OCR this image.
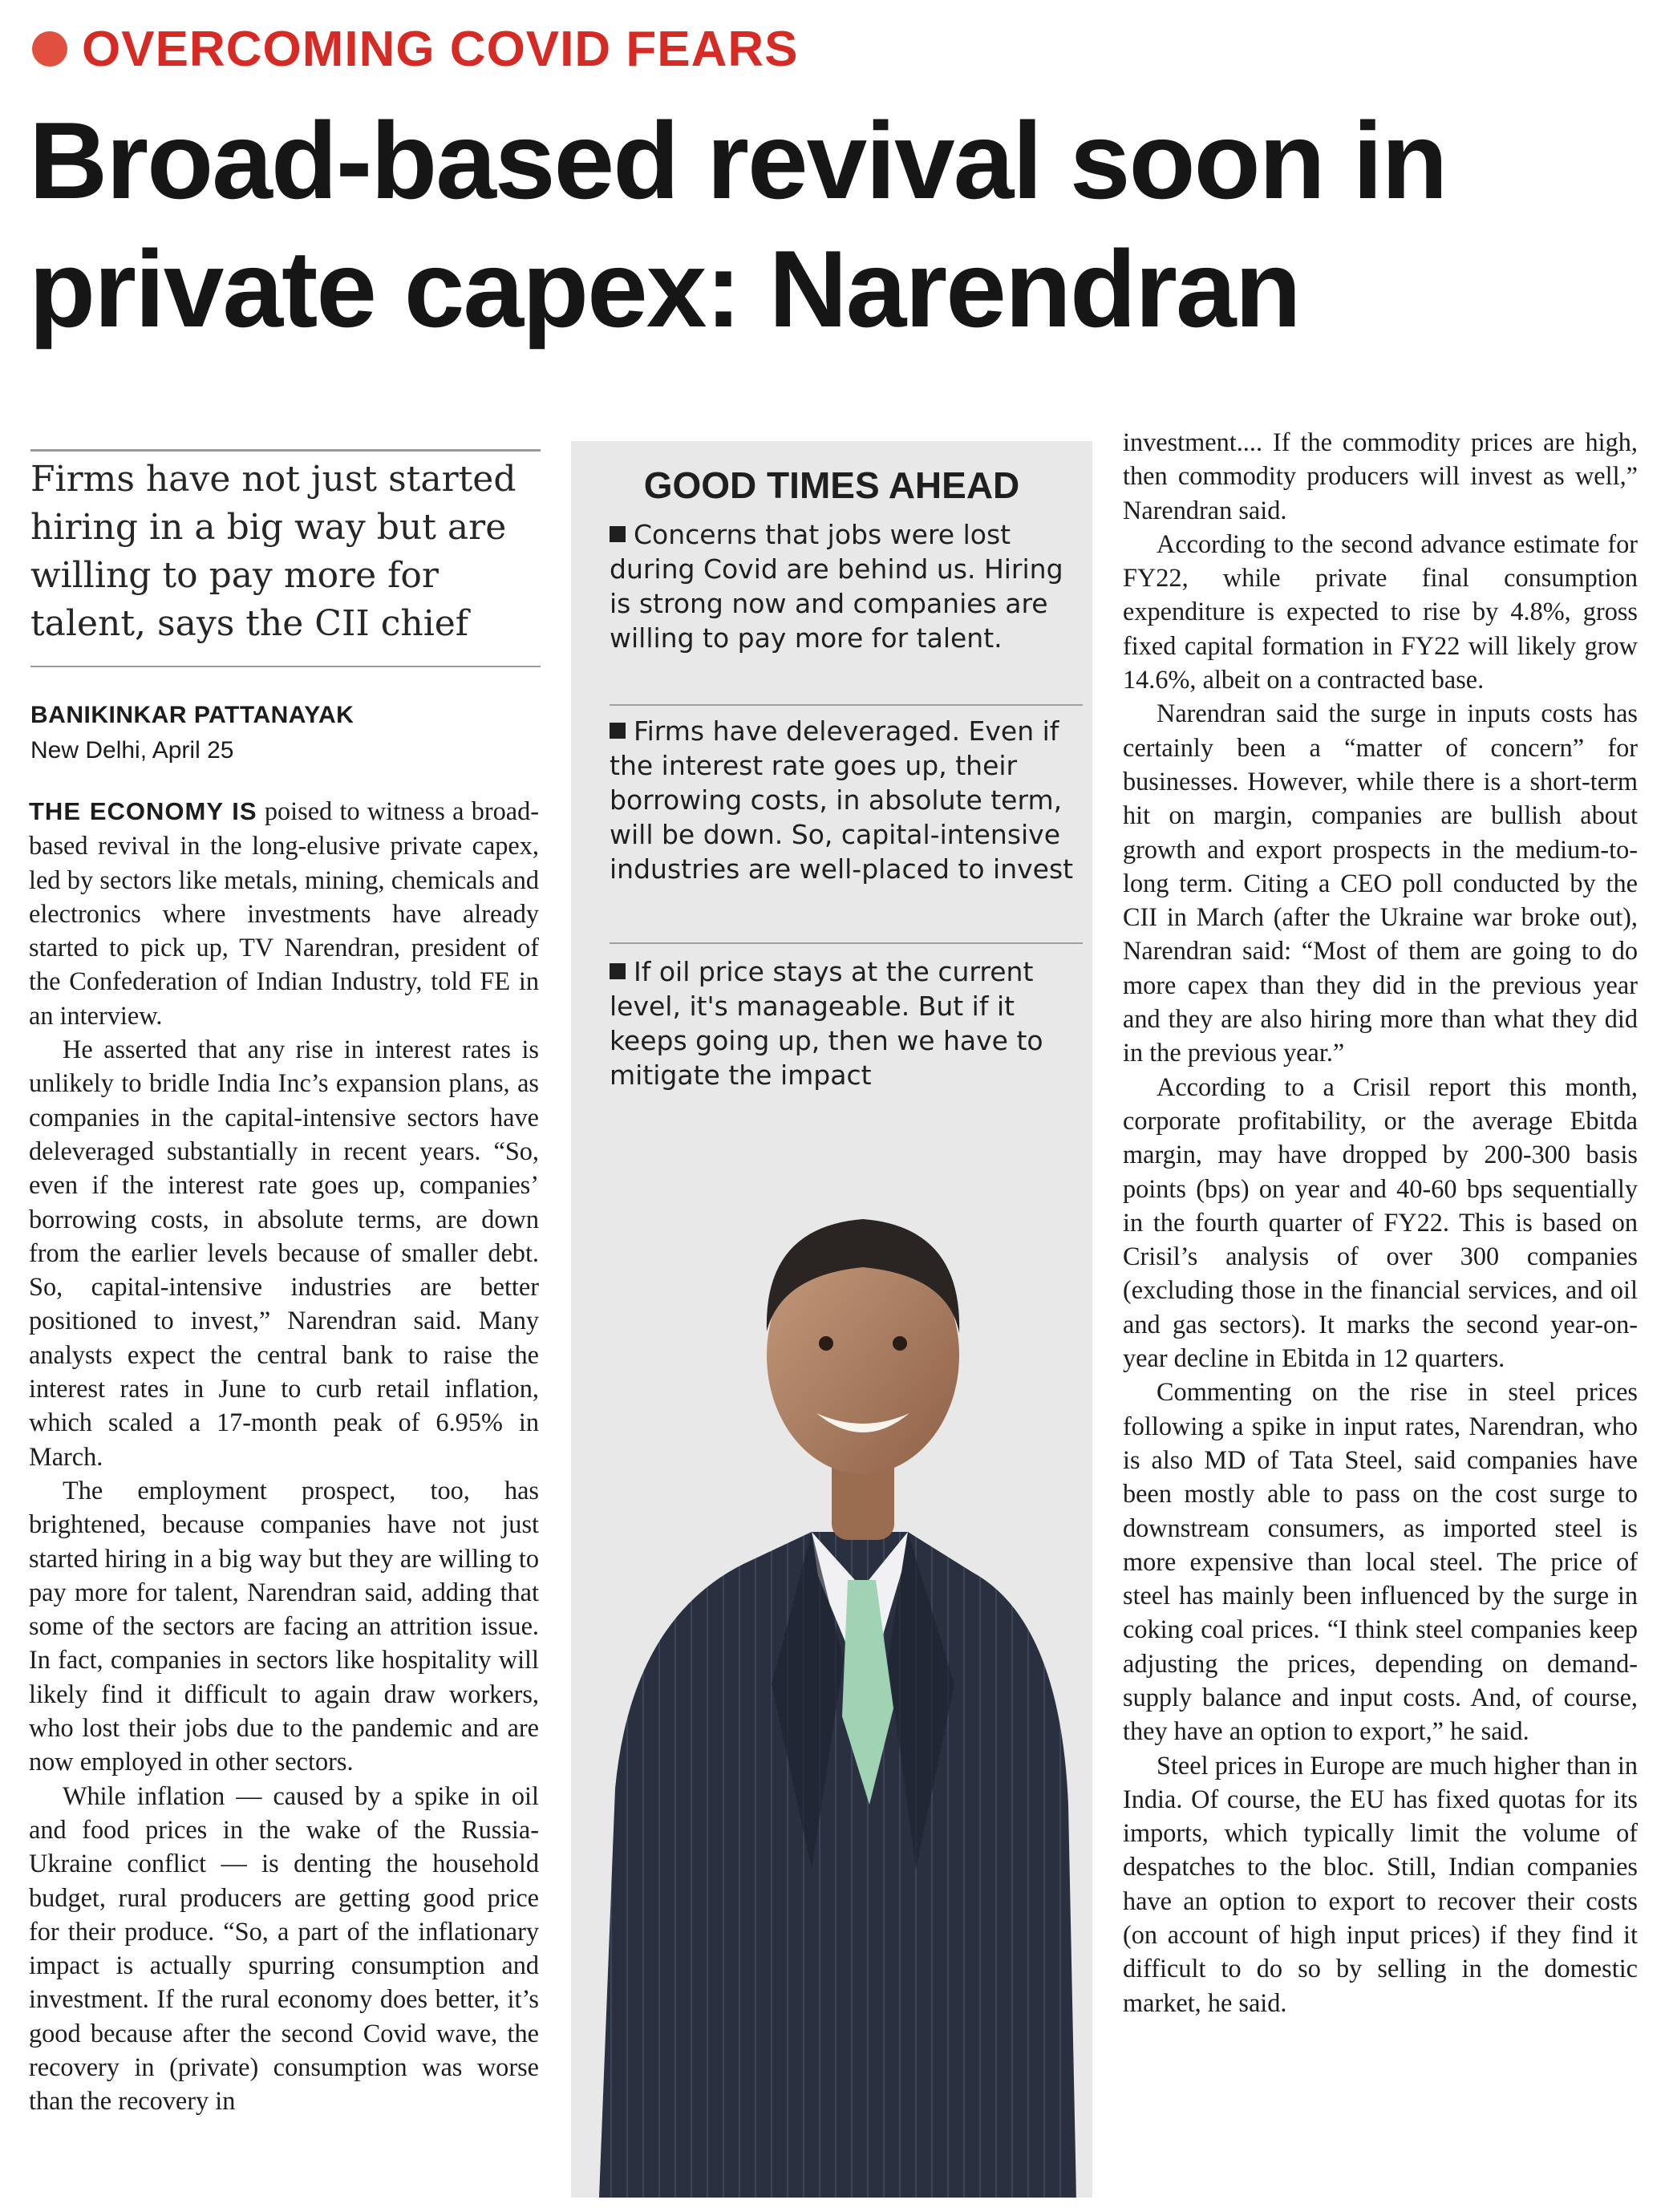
OVERCOMING COVID FEARS
Broad-based revival soon in
private capex: Narendran

Firms have not just started hiring in a big way but are willing to pay more for talent, says the CII chief

BANIKINKAR PATTANAYAK
New Delhi, April 25

THE ECONOMY IS poised to witness a broad-based revival in the long-elusive private capex, led by sectors like metals, mining, chemicals and electronics where investments have already started to pick up, TV Narendran, president of the Confederation of Indian Industry, told FE in an interview.

He asserted that any rise in interest rates is unlikely to bridle India Inc’s expansion plans, as companies in the capital-intensive sectors have deleveraged substantially in recent years. “So, even if the interest rate goes up, companies’ borrowing costs, in absolute terms, are down from the earlier levels because of smaller debt. So, capital-intensive industries are better positioned to invest,” Narendran said. Many analysts expect the central bank to raise the interest rates in June to curb retail inflation, which scaled a 17-month peak of 6.95% in March.

The employment prospect, too, has brightened, because companies have not just started hiring in a big way but they are willing to pay more for talent, Narendran said, adding that some of the sectors are facing an attrition issue. In fact, companies in sectors like hospitality will likely find it difficult to again draw workers, who lost their jobs due to the pandemic and are now employed in other sectors.

While inflation — caused by a spike in oil and food prices in the wake of the Russia-Ukraine conflict — is denting the household budget, rural producers are getting good price for their produce. “So, a part of the inflationary impact is actually spurring consumption and investment. If the rural economy does better, it’s good because after the second Covid wave, the recovery in (private) consumption was worse than the recovery in

GOOD TIMES AHEAD
Concerns that jobs were lost during Covid are behind us. Hiring is strong now and companies are willing to pay more for talent.
Firms have deleveraged. Even if the interest rate goes up, their borrowing costs, in absolute term, will be down. So, capital-intensive industries are well-placed to invest
If oil price stays at the current level, it's manageable. But if it keeps going up, then we have to mitigate the impact

investment.... If the commodity prices are high, then commodity producers will invest as well,” Narendran said.

According to the second advance estimate for FY22, while private final consumption expenditure is expected to rise by 4.8%, gross fixed capital formation in FY22 will likely grow 14.6%, albeit on a contracted base.

Narendran said the surge in inputs costs has certainly been a “matter of concern” for businesses. However, while there is a short-term hit on margin, companies are bullish about growth and export prospects in the medium-to-long term. Citing a CEO poll conducted by the CII in March (after the Ukraine war broke out), Narendran said: “Most of them are going to do more capex than they did in the previous year and they are also hiring more than what they did in the previous year.”

According to a Crisil report this month, corporate profitability, or the average Ebitda margin, may have dropped by 200-300 basis points (bps) on year and 40-60 bps sequentially in the fourth quarter of FY22. This is based on Crisil’s analysis of over 300 companies (excluding those in the financial services, and oil and gas sectors). It marks the second year-on-year decline in Ebitda in 12 quarters.

Commenting on the rise in steel prices following a spike in input rates, Narendran, who is also MD of Tata Steel, said companies have been mostly able to pass on the cost surge to downstream consumers, as imported steel is more expensive than local steel. The price of steel has mainly been influenced by the surge in coking coal prices. “I think steel companies keep adjusting the prices, depending on demand-supply balance and input costs. And, of course, they have an option to export,” he said.

Steel prices in Europe are much higher than in India. Of course, the EU has fixed quotas for its imports, which typically limit the volume of despatches to the bloc. Still, Indian companies have an option to export to recover their costs (on account of high input prices) if they find it difficult to do so by selling in the domestic market, he said.
